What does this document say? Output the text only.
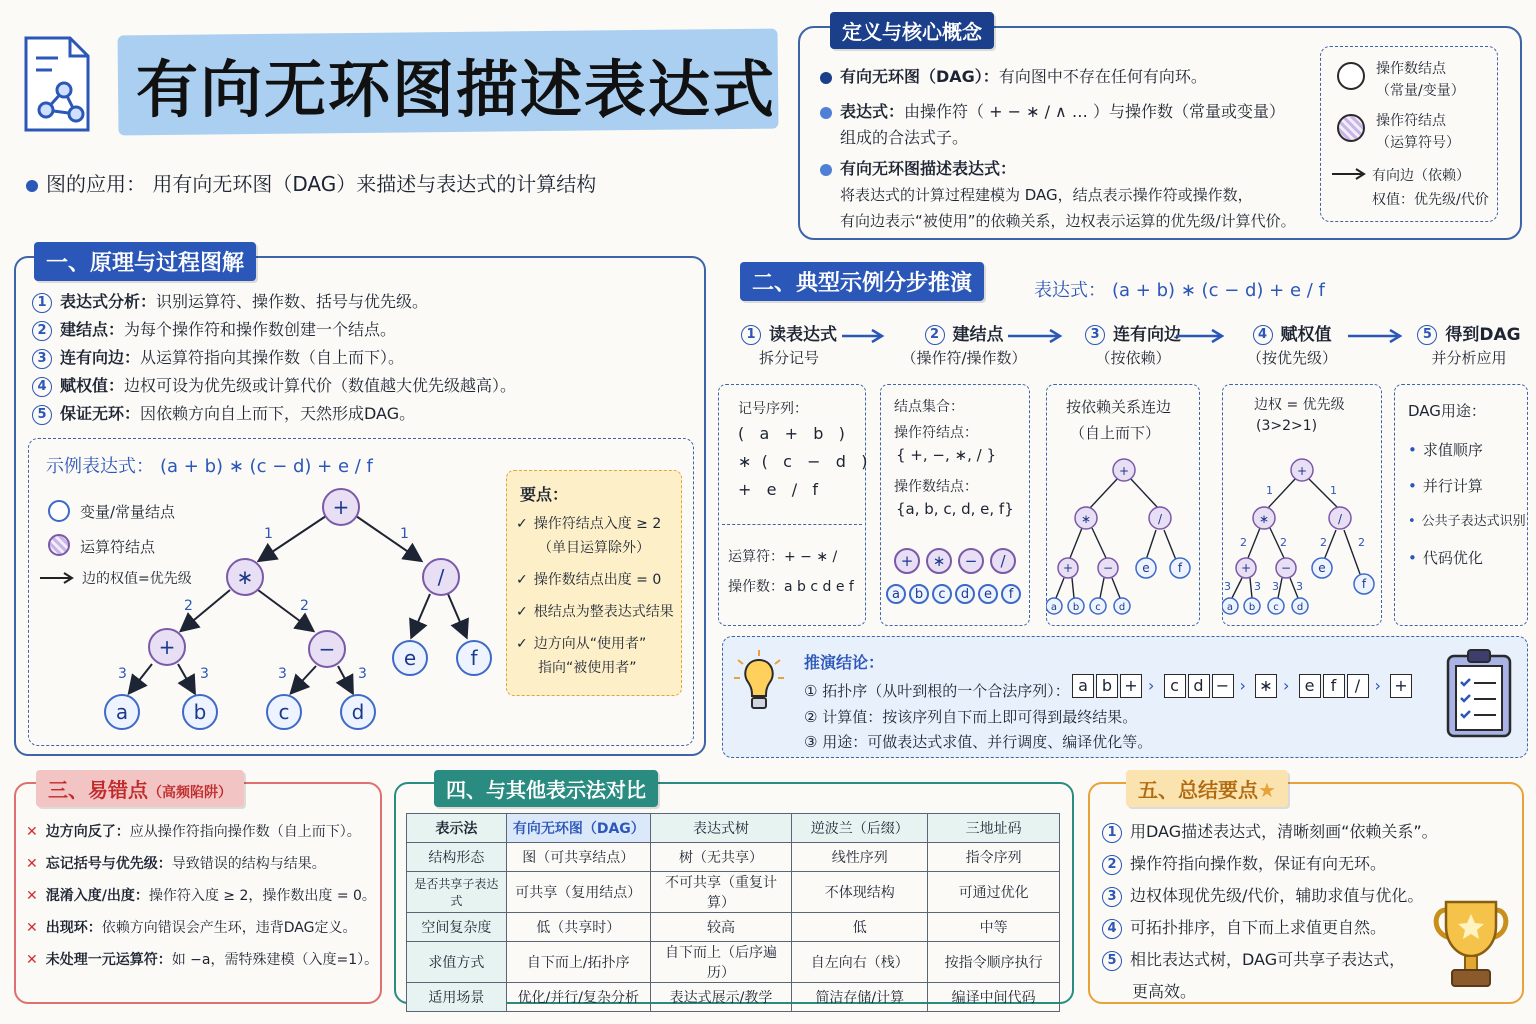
有向无环图描述表达式
图的应用： 用有向无环图（DAG）来描述与表达式的计算结构
定义与核心概念
有向无环图（DAG）：有向图中不存在任何有向环。
表达式：由操作符（ + − ∗ / ∧ … ）与操作数（常量或变量）
组成的合法式子。
有向无环图描述表达式：
将表达式的计算过程建模为 DAG，结点表示操作符或操作数，
有向边表示“被使用”的依赖关系，边权表示运算的优先级/计算代价。
操作数结点
（常量/变量）
操作符结点
（运算符号）
有向边（依赖）
权值：优先级/代价
一、原理与过程图解
1 表达式分析：识别运算符、操作数、括号与优先级。
2 建结点：为每个操作符和操作数创建一个结点。
3 连有向边：从运算符指向其操作数（自上而下）。
4 赋权值：边权可设为优先级或计算代价（数值越大优先级越高）。
5 保证无环：因依赖方向自上而下，天然形成DAG。
示例表达式： (a + b) ∗ (c − d) + e / f
变量/常量结点
运算符结点
边的权值=优先级
1	1
2	2
3	3	3	3
+
∗	/
+	−	e	f
a	b	c	d
要点：
✓ 操作符结点入度 ≥ 2
（单目运算除外）
✓ 操作数结点出度 = 0
✓ 根结点为整表达式结果
✓ 边方向从“使用者”
指向“被使用者”
二、典型示例分步推演	表达式： (a + b) ∗ (c − d) + e / f
1 读表达式
拆分记号
2 建结点
（操作符/操作数）
3 连有向边
（按依赖）
4 赋权值
（按优先级）
5 得到DAG
并分析应用
记号序列：
(   a   +   b   )
∗  (   c   −   d   )
+   e   /   f
运算符：+ − ∗ /
操作数：a b c d e f
结点集合：
操作符结点：
{ +, −, ∗, / }
操作数结点：
{a, b, c, d, e, f}
+	∗	−	/
a	b	c	d	e	f
按依赖关系连边
（自上而下）
+
∗	/
+ − e f
a b c d
边权 = 优先级
(3>2>1)
1	1
2	2	2	2
3 3 3 3
+
∗	/
+ − e
f
a b c d
DAG用途：
• 求值顺序
• 并行计算
• 公共子表达式识别
• 代码优化
推演结论：
① 拓扑序（从叶到根的一个合法序列）：
② 计算值：按该序列自下而上即可得到最终结果。
③ 用途：可做表达式求值、并行调度、编译优化等。
a b + › c d − › ∗ › e f / › +
三、易错点（高频陷阱）
✕ 边方向反了：应从操作符指向操作数（自上而下）。
✕ 忘记括号与优先级：导致错误的结构与结果。
✕ 混淆入度/出度：操作符入度 ≥ 2，操作数出度 = 0。
✕ 出现环：依赖方向错误会产生环，违背DAG定义。
✕ 未处理一元运算符：如 −a，需特殊建模（入度=1）。
四、与其他表示法对比
表示法	有向无环图（DAG）	表达式树	逆波兰（后缀）	三地址码
结构形态	图（可共享结点）	树（无共享）	线性序列	指令序列
是否共享子表达式	可共享（复用结点）	不可共享（重复计算）	不体现结构	可通过优化
空间复杂度	低（共享时）	较高	低	中等
求值方式	自下而上/拓扑序	自下而上（后序遍历）	自左向右（栈）	按指令顺序执行
适用场景	优化/并行/复杂分析	表达式展示/教学	简洁存储/计算	编译中间代码
五、总结要点★
1 用DAG描述表达式，清晰刻画“依赖关系”。
2 操作符指向操作数，保证有向无环。
3 边权体现优先级/代价，辅助求值与优化。
4 可拓扑排序，自下而上求值更自然。
5 相比表达式树，DAG可共享子表达式，
更高效。
